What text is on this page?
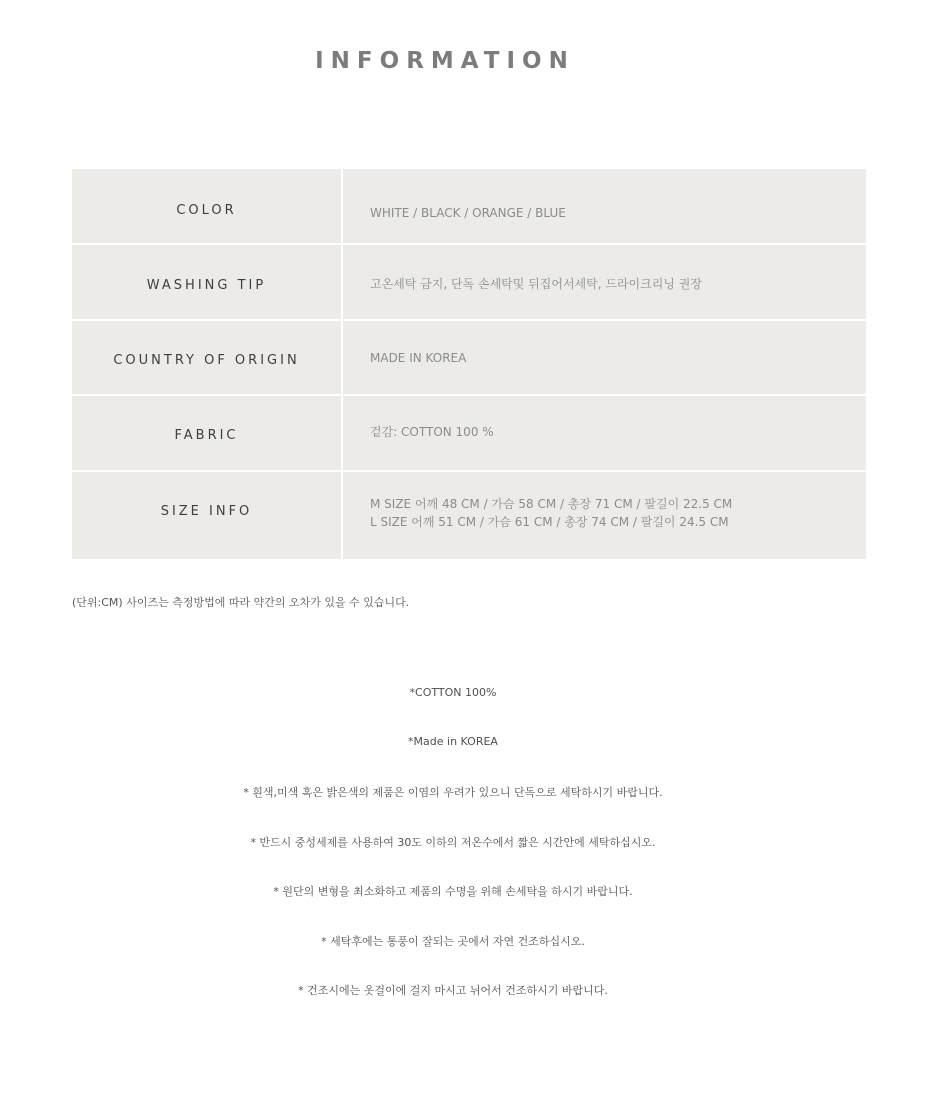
INFORMATION
COLOR	WHITE / BLACK / ORANGE / BLUE
WASHING TIP	고온세탁 금지, 단독 손세탁및 뒤집어서세탁, 드라이크리닝 권장
COUNTRY OF ORIGIN	MADE IN KOREA
FABRIC	겉감: COTTON 100 %
SIZE INFO	M SIZE 어깨 48 CM / 가슴 58 CM / 총장 71 CM / 팔길이 22.5 CM
L SIZE 어깨 51 CM / 가슴 61 CM / 총장 74 CM / 팔길이 24.5 CM
(단위:CM) 사이즈는 측정방법에 따라 약간의 오차가 있을 수 있습니다.
*COTTON 100%
*Made in KOREA
* 흰색,미색 혹은 밝은색의 제품은 이염의 우려가 있으니 단독으로 세탁하시기 바랍니다.
* 반드시 중성세제를 사용하여 30도 이하의 저온수에서 짧은 시간안에 세탁하십시오.
* 원단의 변형을 최소화하고 제품의 수명을 위해 손세탁을 하시기 바랍니다.
* 세탁후에는 통풍이 잘되는 곳에서 자연 건조하십시오.
* 건조시에는 옷걸이에 걸지 마시고 뉘어서 건조하시기 바랍니다.
